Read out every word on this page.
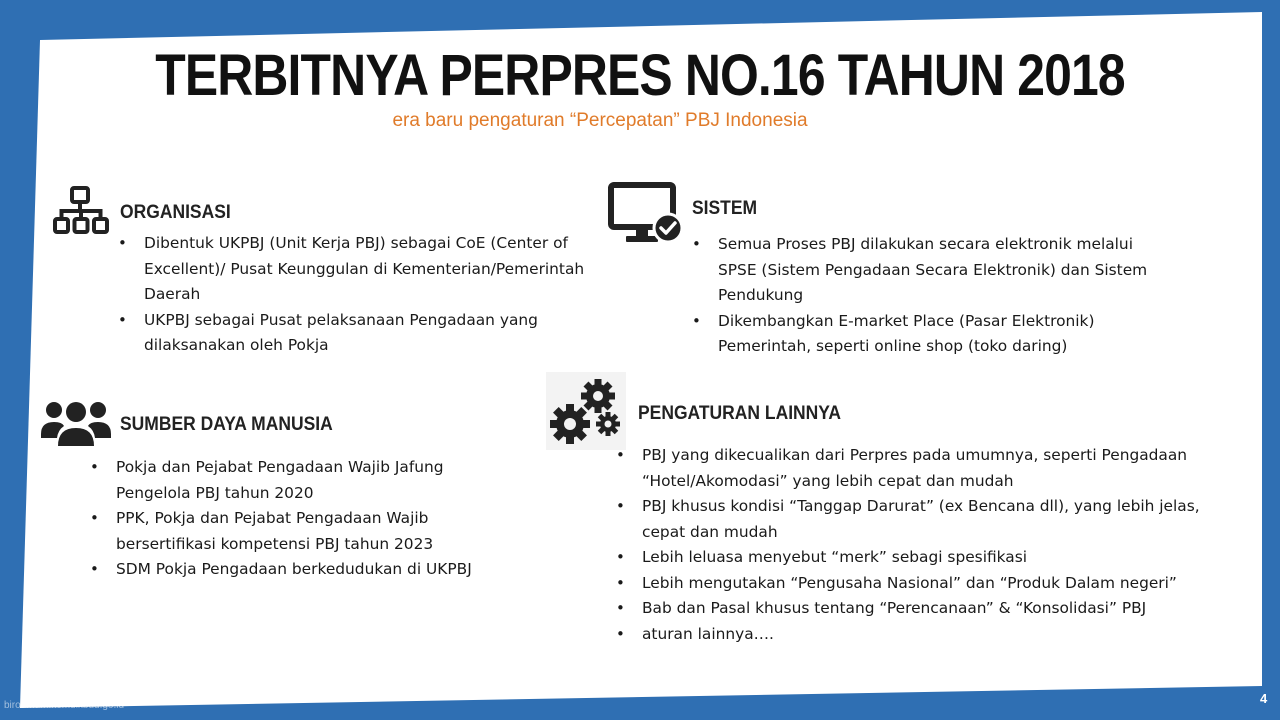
TERBITNYA PERPRES NO.16 TAHUN 2018
era baru pengaturan “Percepatan” PBJ Indonesia
ORGANISASI
• Dibentuk UKPBJ (Unit Kerja PBJ) sebagai CoE (Center of Excellent)/ Pusat Keunggulan di Kementerian/Pemerintah Daerah
• UKPBJ sebagai Pusat pelaksanaan Pengadaan yang dilaksanakan oleh Pokja
SISTEM
• Semua Proses PBJ dilakukan secara elektronik melalui SPSE (Sistem Pengadaan Secara Elektronik) dan Sistem Pendukung
• Dikembangkan E-market Place (Pasar Elektronik) Pemerintah, seperti online shop (toko daring)
SUMBER DAYA MANUSIA
• Pokja dan Pejabat Pengadaan Wajib Jafung Pengelola PBJ tahun 2020
• PPK, Pokja dan Pejabat Pengadaan Wajib bersertifikasi kompetensi PBJ tahun 2023
• SDM Pokja Pengadaan berkedudukan di UKPBJ
PENGATURAN LAINNYA
• PBJ yang dikecualikan dari Perpres pada umumnya, seperti Pengadaan “Hotel/Akomodasi” yang lebih cepat dan mudah
• PBJ khusus kondisi “Tanggap Darurat” (ex Bencana dll), yang lebih jelas, cepat dan mudah
• Lebih leluasa menyebut “merk” sebagi spesifikasi
• Lebih mengutakan “Pengusaha Nasional” dan “Produk Dalam negeri”
• Bab dan Pasal khusus tentang “Perencanaan” & “Konsolidasi” PBJ
• aturan lainnya….
biroumum.kemdikbud.go.id	4
